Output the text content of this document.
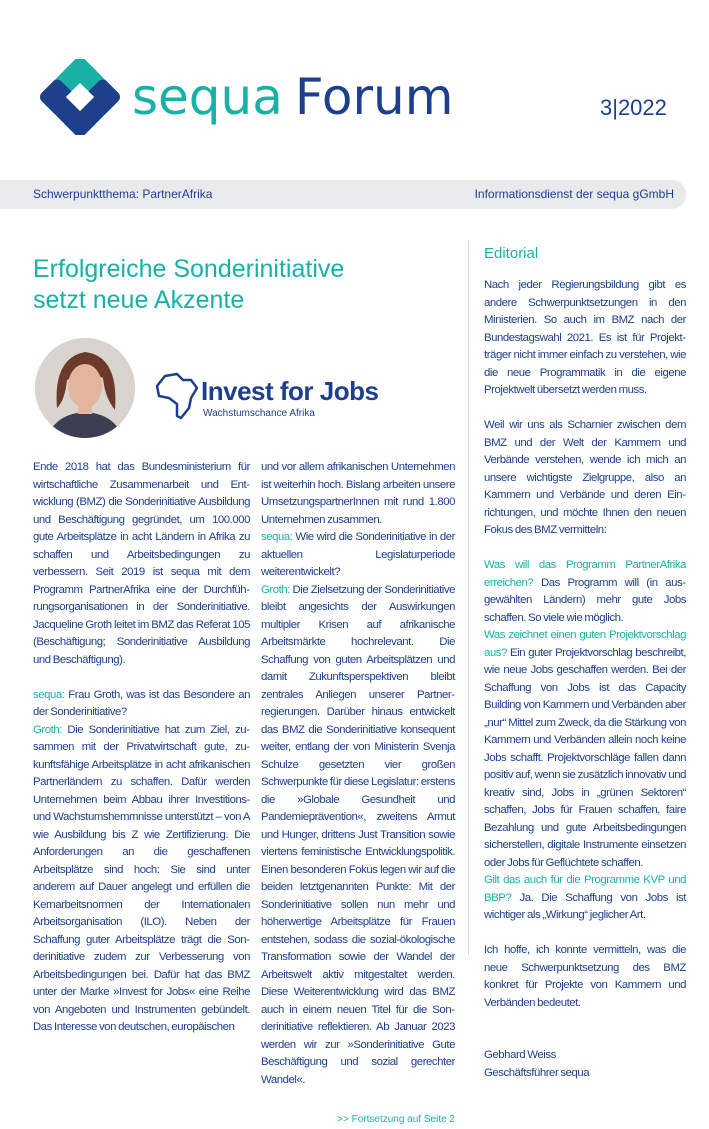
sequa Forum	3|2022
Schwerpunktthema: PartnerAfrika	Informationsdienst der sequa gGmbH
Erfolgreiche Sonderinitiative
setzt neue Akzente
Invest for Jobs
Wachstumschance Afrika

Ende 2018 hat das Bundesministerium für wirtschaftliche Zusammenarbeit und Entwicklung (BMZ) die Sonderinitiative Ausbildung und Beschäftigung gegründet, um 100.000 gute Arbeitsplätze in acht Ländern in Afrika zu schaffen und Arbeitsbedingungen zu verbessern. Seit 2019 ist sequa mit dem Programm PartnerAfrika eine der Durchführungsorganisationen in der Sonderinitiative. Jacqueline Groth leitet im BMZ das Referat 105 (Beschäftigung; Sonderinitiative Ausbildung und Beschäftigung).

sequa: Frau Groth, was ist das Besondere an der Sonderinitiative?

Groth: Die Sonderinitiative hat zum Ziel, zusammen mit der Privatwirtschaft gute, zukunftsfähige Arbeitsplätze in acht afrikanischen Partnerländern zu schaffen. Dafür werden Unternehmen beim Abbau ihrer Investitions- und Wachstumshemmnisse unterstützt – von A wie Ausbildung bis Z wie Zertifizierung. Die Anforderungen an die geschaffenen Arbeitsplätze sind hoch: Sie sind unter anderem auf Dauer angelegt und erfüllen die Kernarbeitsnormen der Internationalen Arbeitsorganisation (ILO). Neben der Schaffung guter Arbeitsplätze trägt die Sonderinitiative zudem zur Verbesserung von Arbeitsbedingungen bei. Dafür hat das BMZ unter der Marke »Invest for Jobs« eine Reihe von Angeboten und Instrumenten gebündelt. Das Interesse von deutschen, europäischen

und vor allem afrikanischen Unternehmen ist weiterhin hoch. Bislang arbeiten unsere UmsetzungspartnerInnen mit rund 1.800 Unternehmen zusammen.

sequa: Wie wird die Sonderinitiative in der aktuellen Legislaturperiode weiterentwickelt?

Groth: Die Zielsetzung der Sonderinitiative bleibt angesichts der Auswirkungen multipler Krisen auf afrikanische Arbeitsmärkte hochrelevant. Die Schaffung von guten Arbeitsplätzen und damit Zukunftsperspektiven bleibt zentrales Anliegen unserer Partnerregierungen. Darüber hinaus entwickelt das BMZ die Sonderinitiative konsequent weiter, entlang der von Ministerin Svenja Schulze gesetzten vier großen Schwerpunkte für diese Legislatur: erstens die »Globale Gesundheit und Pandemieprävention«, zweitens Armut und Hunger, drittens Just Transition sowie viertens feministische Entwicklungspolitik. Einen besonderen Fokus legen wir auf die beiden letztgenannten Punkte: Mit der Sonderinitiative sollen nun mehr und höherwertige Arbeitsplätze für Frauen entstehen, sodass die sozial-ökologische Transformation sowie der Wandel der Arbeitswelt aktiv mitgestaltet werden. Diese Weiterentwicklung wird das BMZ auch in einem neuen Titel für die Sonderinitiative reflektieren. Ab Januar 2023 werden wir zur »Sonderinitiative Gute Beschäftigung und sozial gerechter Wandel«.

>> Fortsetzung auf Seite 2
Editorial

Nach jeder Regierungsbildung gibt es andere Schwerpunktsetzungen in den Ministerien. So auch im BMZ nach der Bundestagswahl 2021. Es ist für Projektträger nicht immer einfach zu verstehen, wie die neue Programmatik in die eigene Projektwelt übersetzt werden muss.

Weil wir uns als Scharnier zwischen dem BMZ und der Welt der Kammern und Verbände verstehen, wende ich mich an unsere wichtigste Zielgruppe, also an Kammern und Verbände und deren Einrichtungen, und möchte Ihnen den neuen Fokus des BMZ vermitteln:

Was will das Programm PartnerAfrika erreichen? Das Programm will (in ausgewählten Ländern) mehr gute Jobs schaffen. So viele wie möglich.

Was zeichnet einen guten Projektvorschlag aus? Ein guter Projektvorschlag beschreibt, wie neue Jobs geschaffen werden. Bei der Schaffung von Jobs ist das Capacity Building von Kammern und Verbänden aber „nur“ Mittel zum Zweck, da die Stärkung von Kammern und Verbänden allein noch keine Jobs schafft. Projektvorschläge fallen dann positiv auf, wenn sie zusätzlich innovativ und kreativ sind, Jobs in „grünen Sektoren“ schaffen, Jobs für Frauen schaffen, faire Bezahlung und gute Arbeitsbedingungen sicherstellen, digitale Instrumente einsetzen oder Jobs für Geflüchtete schaffen.

Gilt das auch für die Programme KVP und BBP? Ja. Die Schaffung von Jobs ist wichtiger als „Wirkung“ jeglicher Art.

Ich hoffe, ich konnte vermitteln, was die neue Schwerpunktsetzung des BMZ konkret für Projekte von Kammern und Verbänden bedeutet.

Gebhard Weiss

Geschäftsführer sequa
